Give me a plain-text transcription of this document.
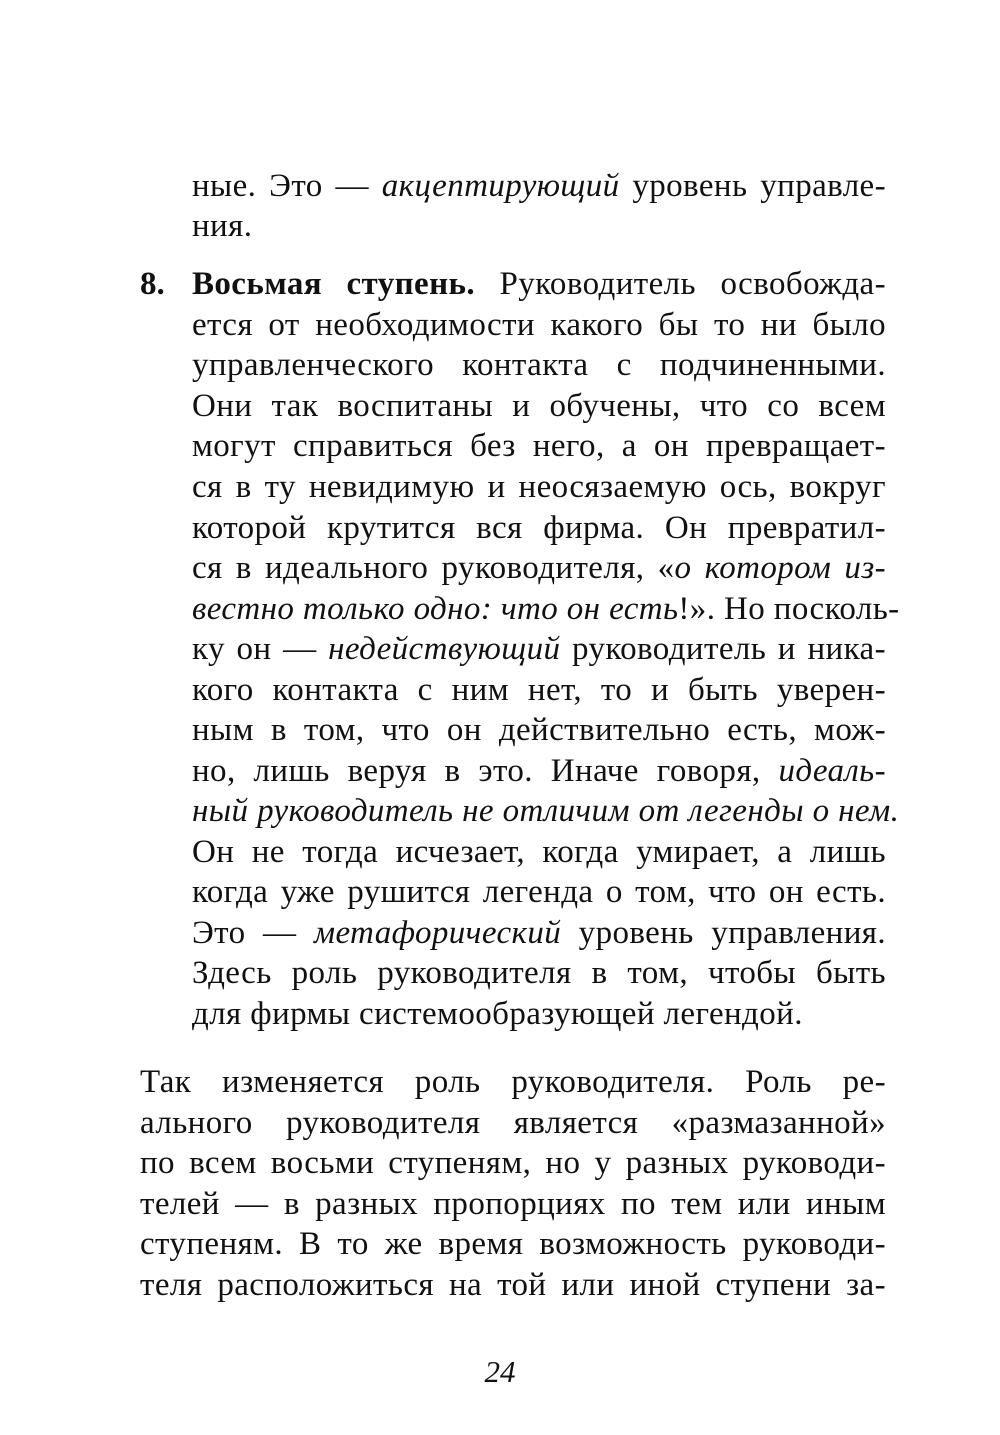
ные. Это — акцептирующий уровень управле-
ния.
8. Восьмая ступень. Руководитель освобожда-
ется от необходимости какого бы то ни было
управленческого контакта с подчиненными.
Они так воспитаны и обучены, что со всем
могут справиться без него, а он превращает-
ся в ту невидимую и неосязаемую ось, вокруг
которой крутится вся фирма. Он превратил-
ся в идеального руководителя, «о котором из-
вестно только одно: что он есть!». Но посколь-
ку он — недействующий руководитель и ника-
кого контакта с ним нет, то и быть уверен-
ным в том, что он действительно есть, мож-
но, лишь веруя в это. Иначе говоря, идеаль-
ный руководитель не отличим от легенды о нем.
Он не тогда исчезает, когда умирает, а лишь
когда уже рушится легенда о том, что он есть.
Это — метафорический уровень управления.
Здесь роль руководителя в том, чтобы быть
для фирмы системообразующей легендой.
Так изменяется роль руководителя. Роль ре-
ального руководителя является «размазанной»
по всем восьми ступеням, но у разных руководи-
телей — в разных пропорциях по тем или иным
ступеням. В то же время возможность руководи-
теля расположиться на той или иной ступени за-
24
